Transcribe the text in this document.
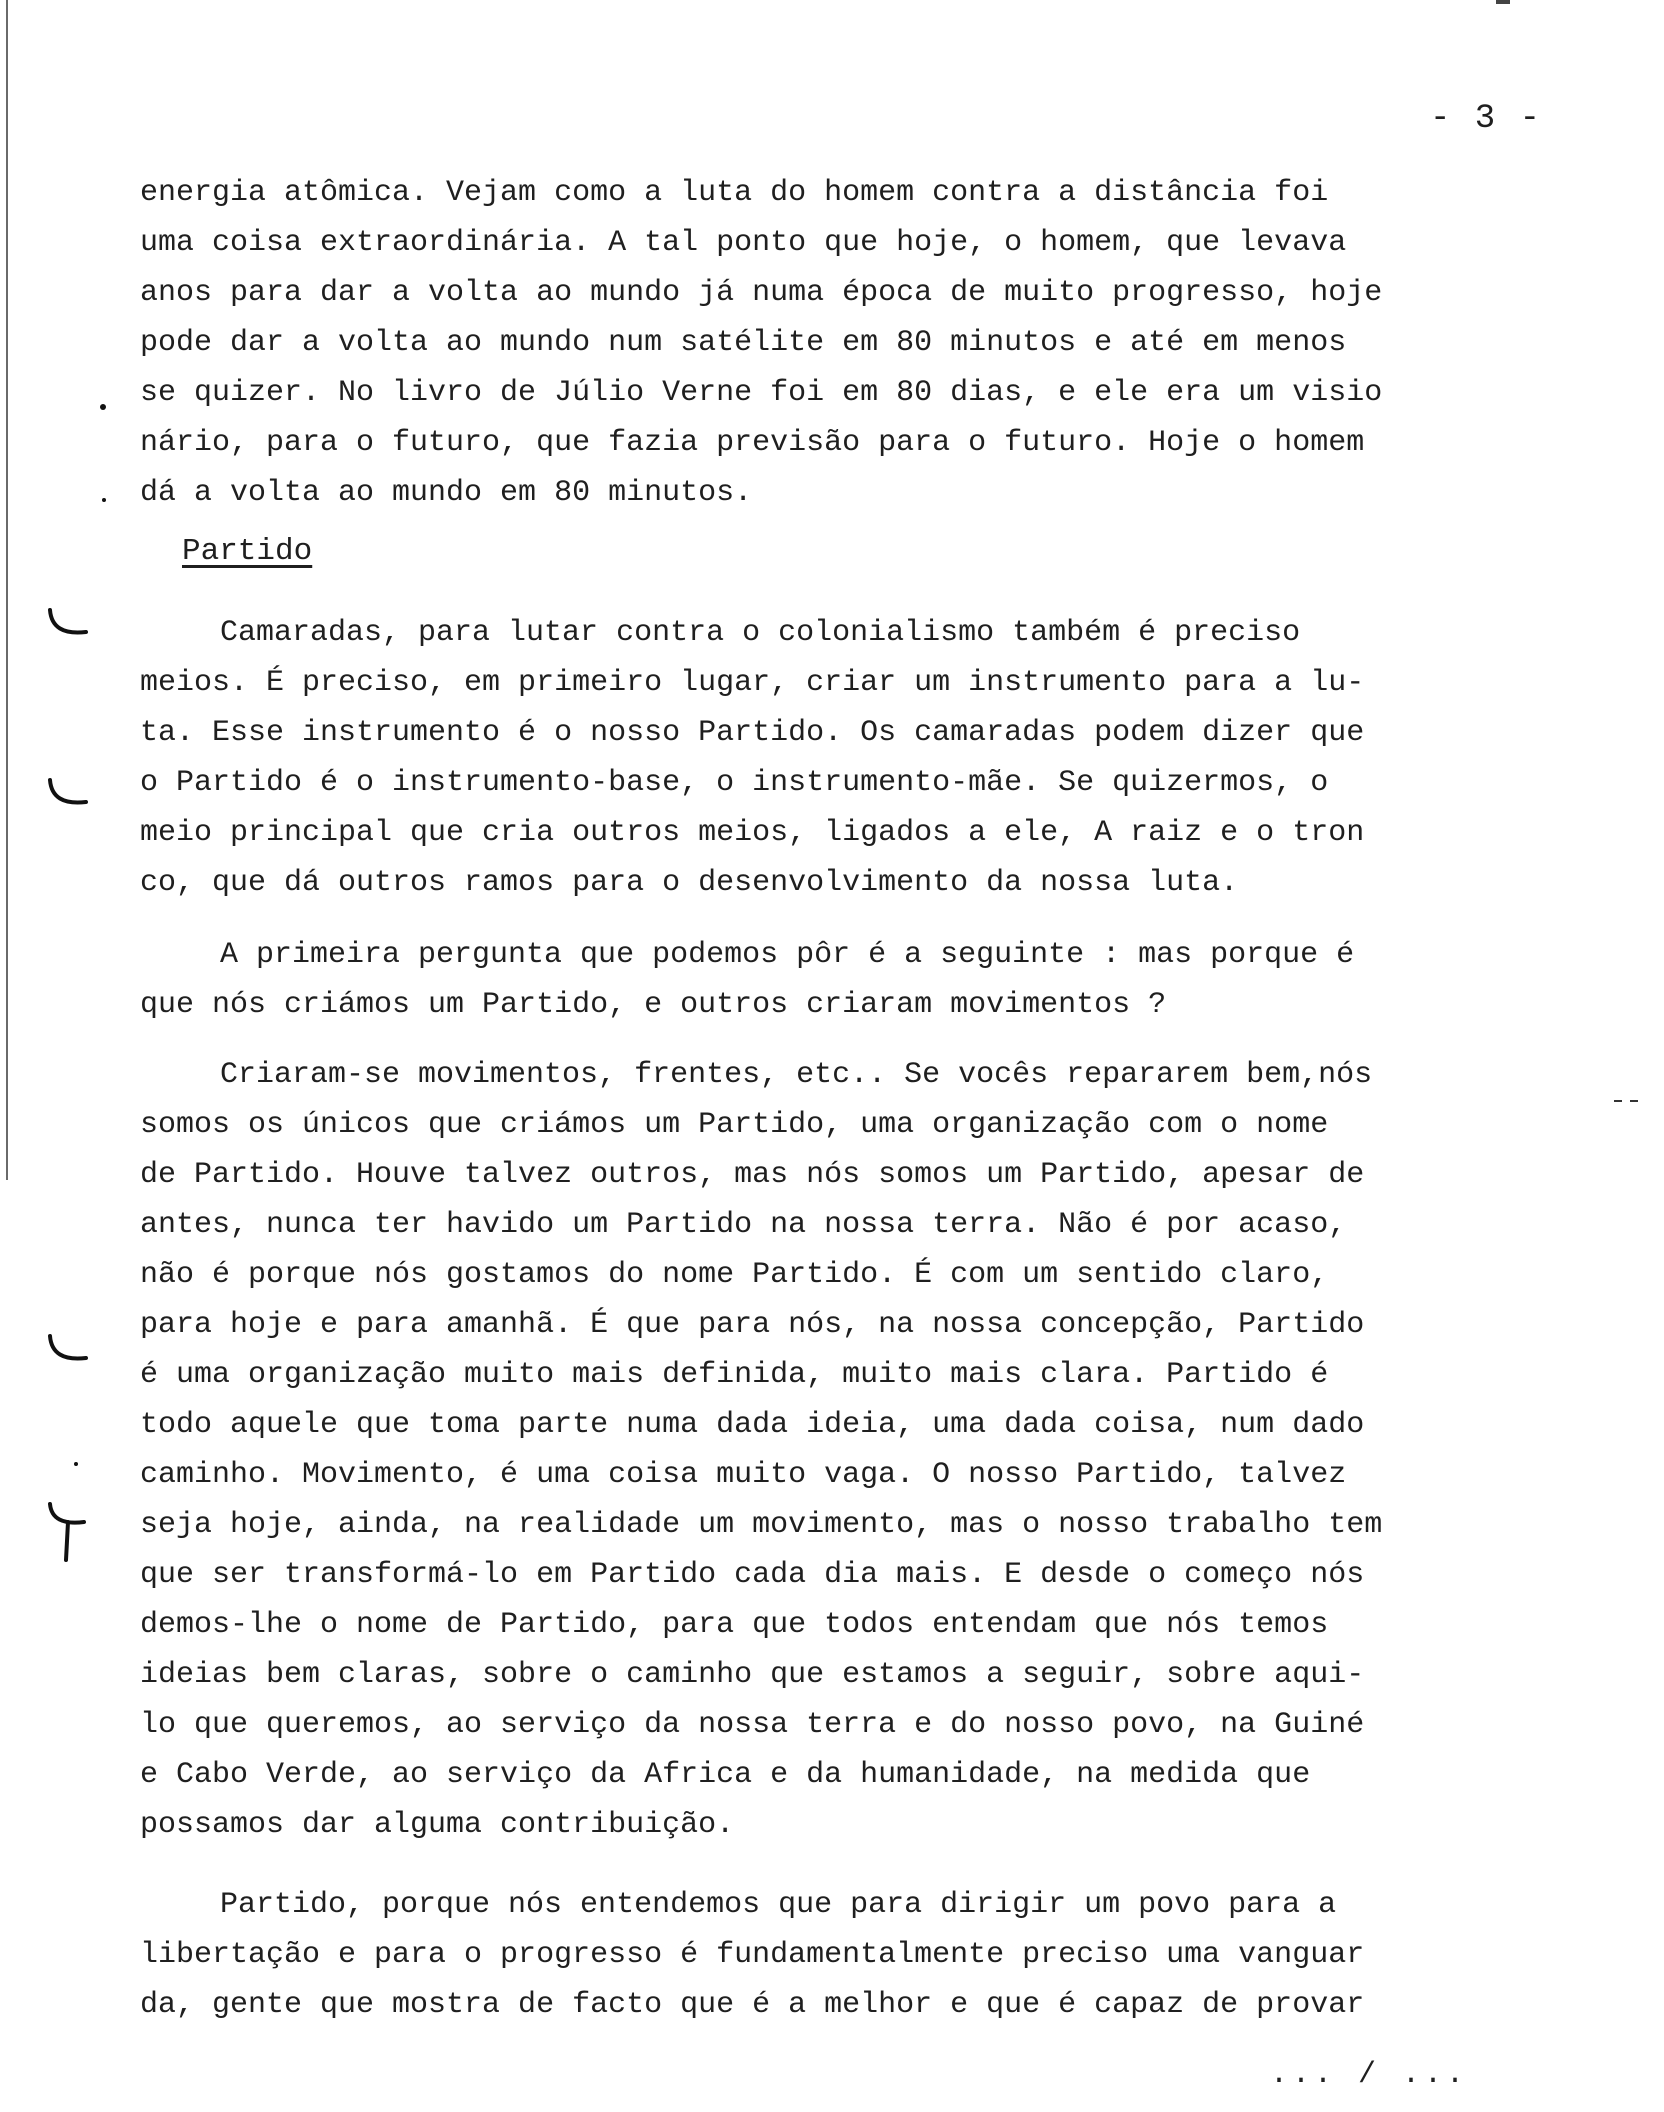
- 3 -
energia atômica. Vejam como a luta do homem contra a distância foi
uma coisa extraordinária. A tal ponto que hoje, o homem, que levava
anos para dar a volta ao mundo já numa época de muito progresso, hoje
pode dar a volta ao mundo num satélite em 80 minutos e até em menos
se quizer. No livro de Júlio Verne foi em 80 dias, e ele era um visio
nário, para o futuro, que fazia previsão para o futuro. Hoje o homem
dá a volta ao mundo em 80 minutos.
Partido
Camaradas, para lutar contra o colonialismo também é preciso
meios. É preciso, em primeiro lugar, criar um instrumento para a lu-
ta. Esse instrumento é o nosso Partido. Os camaradas podem dizer que
o Partido é o instrumento-base, o instrumento-mãe. Se quizermos, o
meio principal que cria outros meios, ligados a ele, A raiz e o tron
co, que dá outros ramos para o desenvolvimento da nossa luta.
A primeira pergunta que podemos pôr é a seguinte : mas porque é
que nós criámos um Partido, e outros criaram movimentos ?
Criaram-se movimentos, frentes, etc.. Se vocês repararem bem,nós
somos os únicos que criámos um Partido, uma organização com o nome
de Partido. Houve talvez outros, mas nós somos um Partido, apesar de
antes, nunca ter havido um Partido na nossa terra. Não é por acaso,
não é porque nós gostamos do nome Partido. É com um sentido claro,
para hoje e para amanhã. É que para nós, na nossa concepção, Partido
é uma organização muito mais definida, muito mais clara. Partido é
todo aquele que toma parte numa dada ideia, uma dada coisa, num dado
caminho. Movimento, é uma coisa muito vaga. O nosso Partido, talvez
seja hoje, ainda, na realidade um movimento, mas o nosso trabalho tem
que ser transformá-lo em Partido cada dia mais. E desde o começo nós
demos-lhe o nome de Partido, para que todos entendam que nós temos
ideias bem claras, sobre o caminho que estamos a seguir, sobre aqui-
lo que queremos, ao serviço da nossa terra e do nosso povo, na Guiné
e Cabo Verde, ao serviço da Africa e da humanidade, na medida que
possamos dar alguma contribuição.
Partido, porque nós entendemos que para dirigir um povo para a
libertação e para o progresso é fundamentalmente preciso uma vanguar
da, gente que mostra de facto que é a melhor e que é capaz de provar
... / ...
